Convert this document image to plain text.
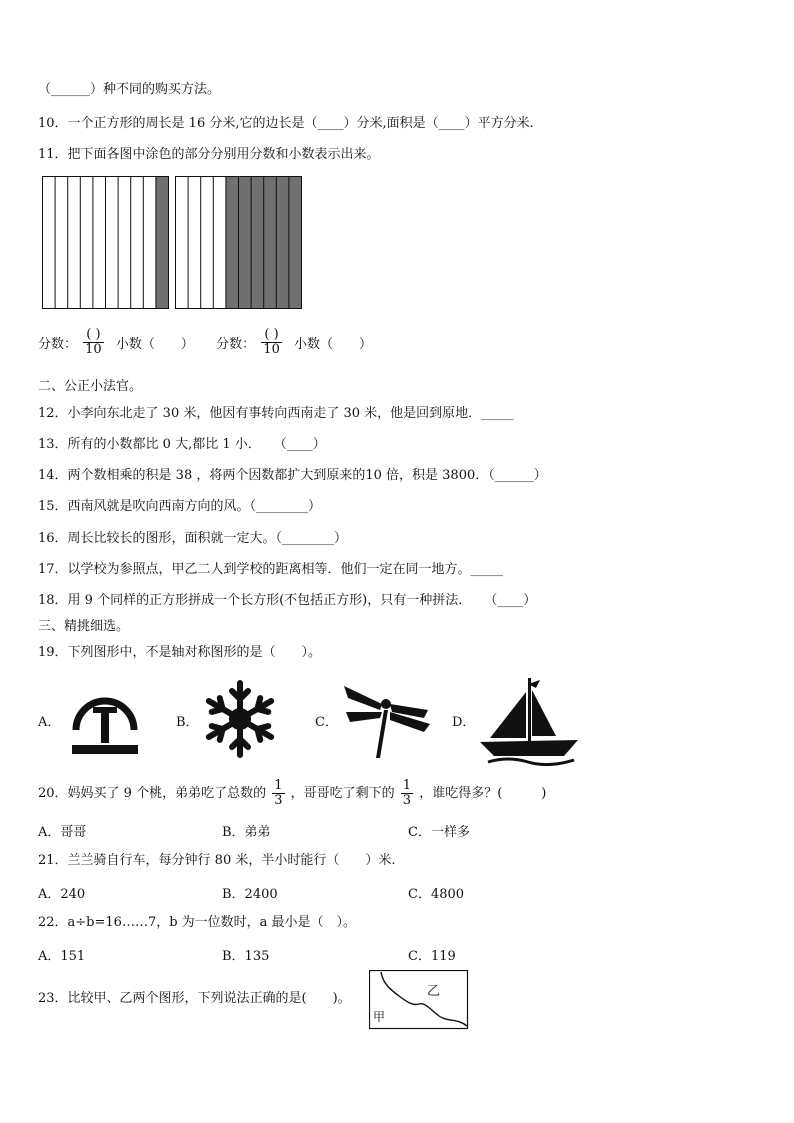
（______）种不同的购买方法。
10．一个正方形的周长是 16 分米,它的边长是（____）分米,面积是（____）平方分米.
11．把下面各图中涂色的部分分别用分数和小数表示出来。
分数： $\frac{( )}{10}$ 小数（　　） 分数： $\frac{( )}{10}$ 小数（　　）
二、公正小法官。
12．小李向东北走了 30 米，他因有事转向西南走了 30 米，他是回到原地．_____
13．所有的小数都比 0 大,都比 1 小．　　（____）
14．两个数相乘的积是 38 ，将两个因数都扩大到原来的10 倍，积是 3800．（______）
15．西南风就是吹向西南方向的风。（________）
16．周长比较长的图形，面积就一定大。（________）
17．以学校为参照点，甲乙二人到学校的距离相等．他们一定在同一地方。_____
18．用 9 个同样的正方形拼成一个长方形(不包括正方形)，只有一种拼法．　　（____）
三、精挑细选。
19．下列图形中，不是轴对称图形的是（　　）。
A．	B．	C．	D．
20．妈妈买了 9 个桃，弟弟吃了总数的 $\frac{1}{3}$ ，哥哥吃了剩下的 $\frac{1}{3}$ ，谁吃得多？(　　　)
A．哥哥	B．弟弟	C．一样多
21．兰兰骑自行车，每分钟行 80 米，半小时能行（　　）米.
A．240	B．2400	C．4800
22．a÷b=16……7，b 为一位数时，a 最小是（　）。
A．151	B．135	C．119
23．比较甲、乙两个图形，下列说法正确的是(　　)。
甲
乙
